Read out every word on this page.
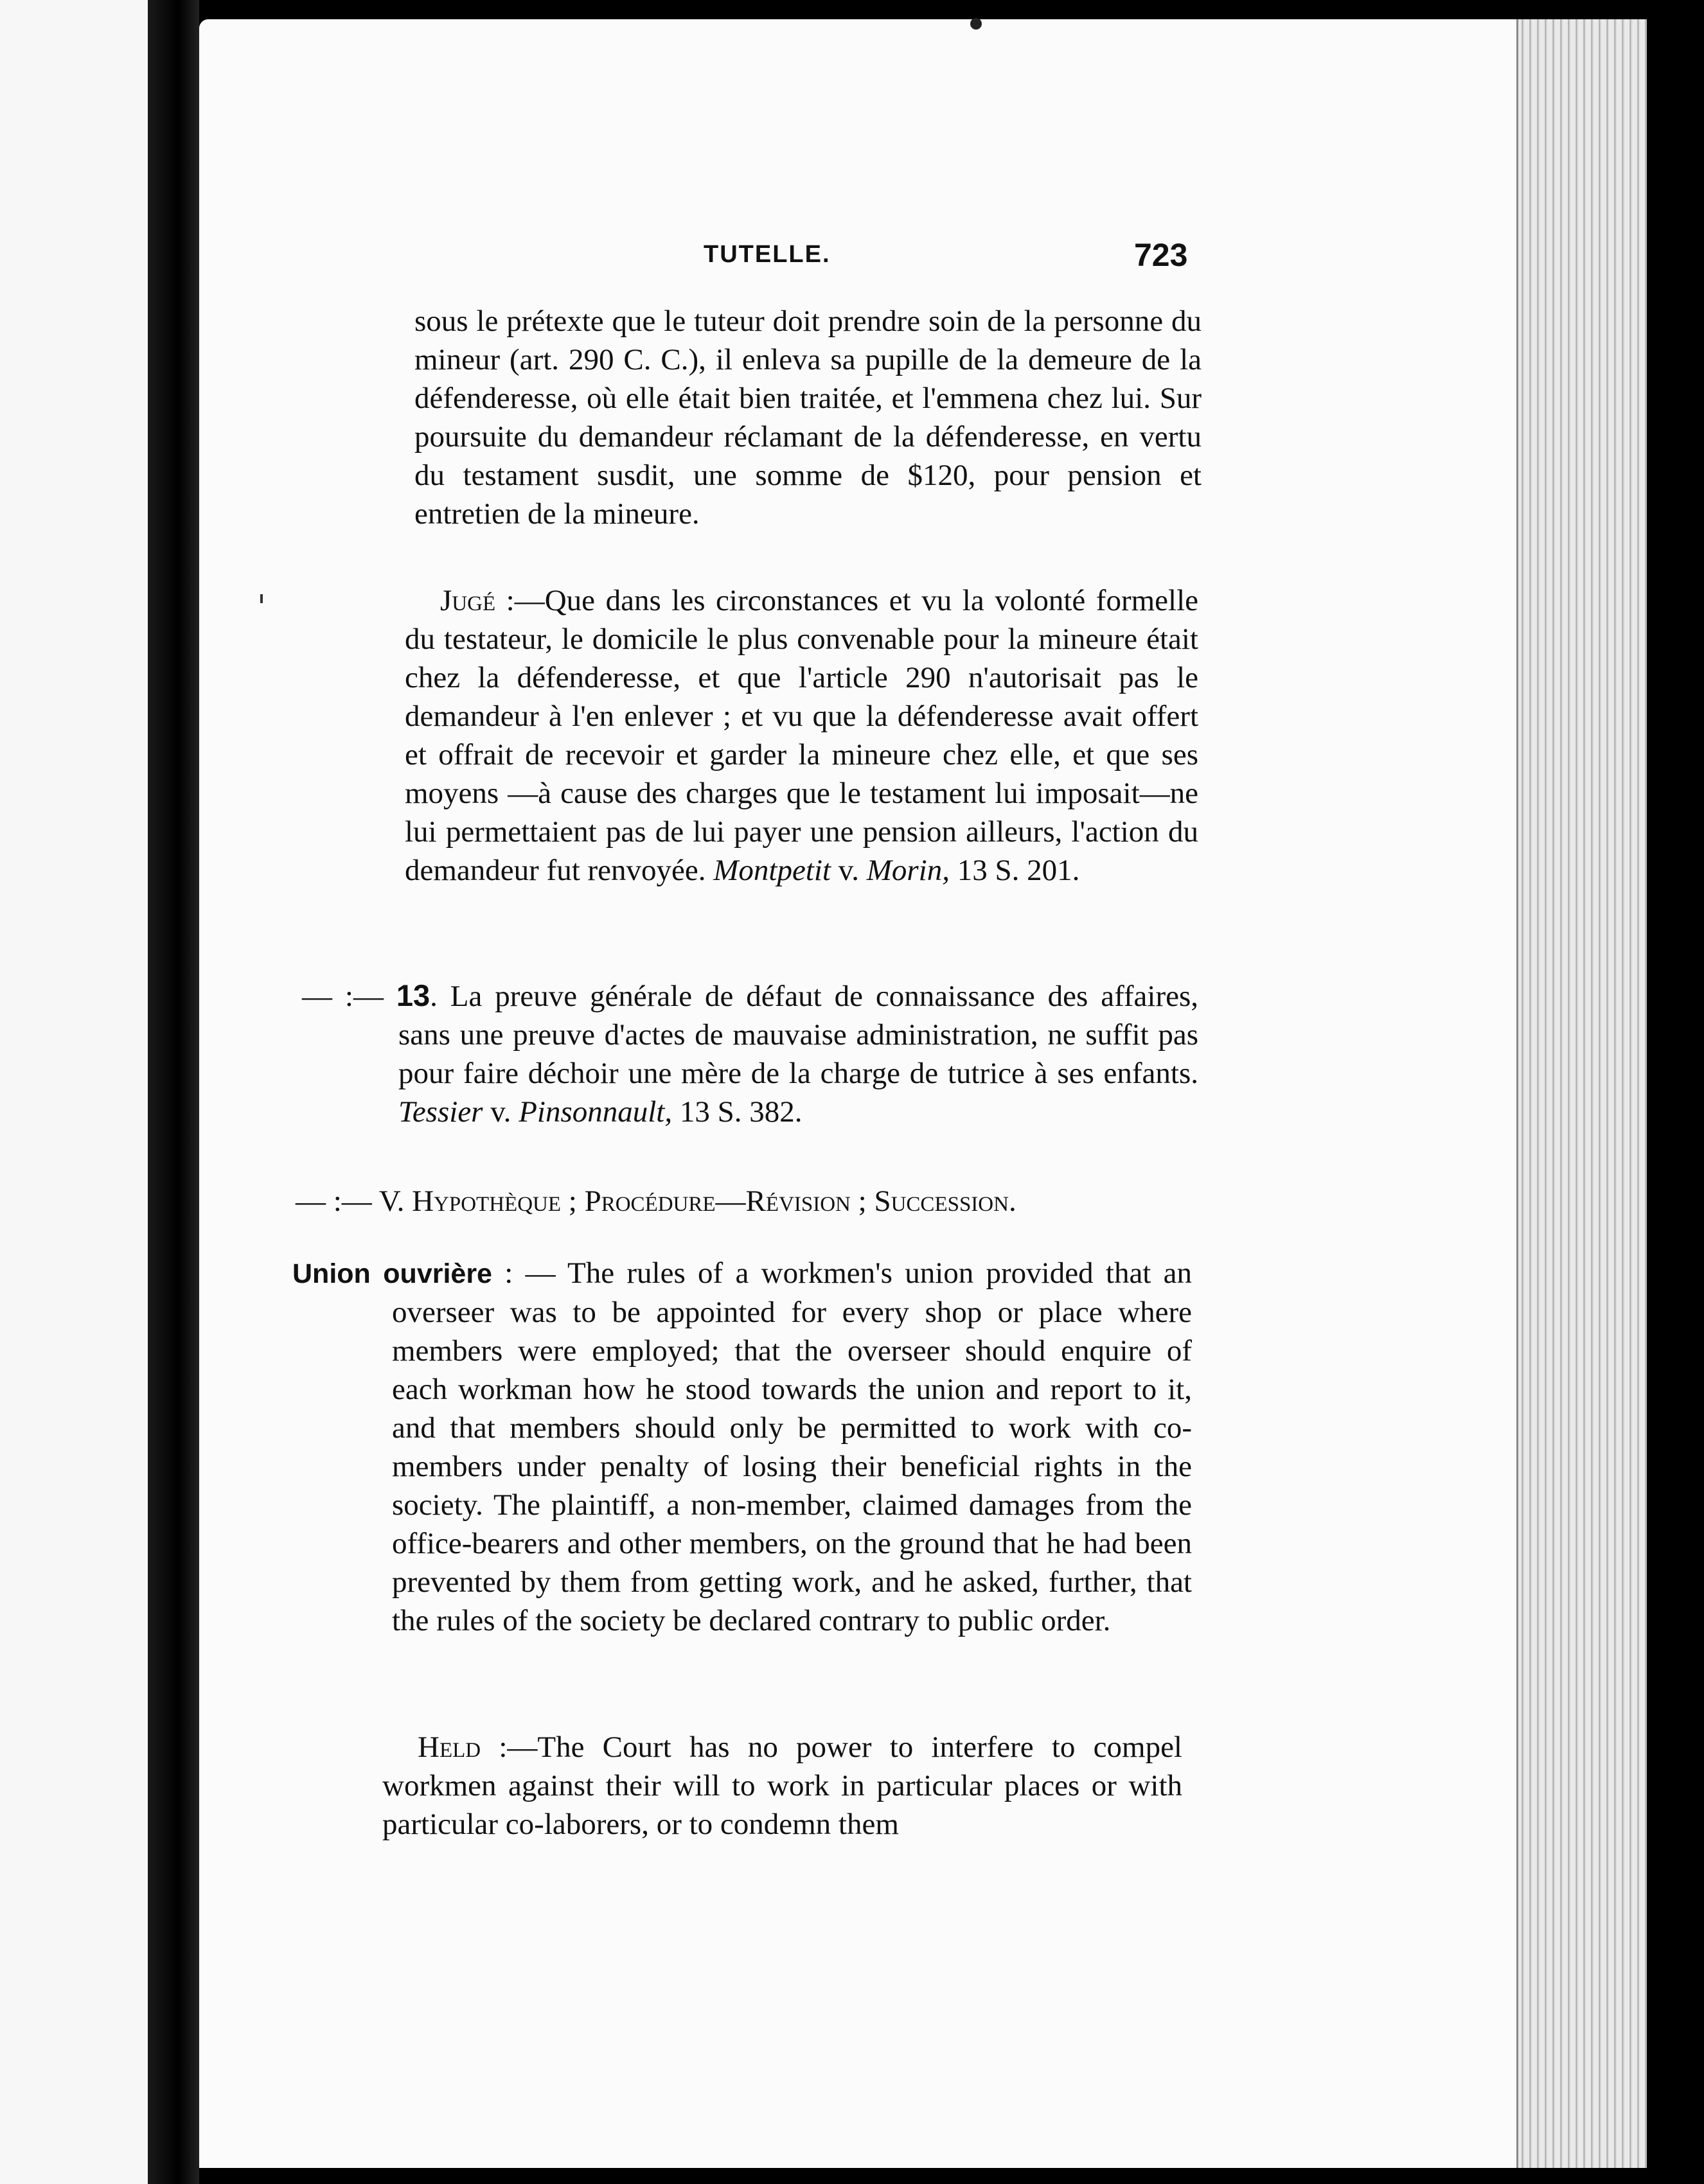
TUTELLE.	723

sous le prétexte que le tuteur doit prendre soin de la personne du mineur (art. 290 C. C.), il enleva sa pupille de la demeure de la défenderesse, où elle était bien traitée, et l'emmena chez lui. Sur poursuite du demandeur réclamant de la défenderesse, en vertu du testament susdit, une somme de $120, pour pension et entretien de la mineure.

Jugé :—Que dans les circonstances et vu la volonté formelle du testateur, le domicile le plus convenable pour la mineure était chez la défenderesse, et que l'article 290 n'autorisait pas le demandeur à l'en enlever ; et vu que la défenderesse avait offert et offrait de recevoir et garder la mineure chez elle, et que ses moyens —à cause des charges que le testament lui imposait—ne lui permettaient pas de lui payer une pension ailleurs, l'action du demandeur fut renvoyée. Montpetit v. Morin, 13 S. 201.

— :— 13. La preuve générale de défaut de connaissance des affaires, sans une preuve d'actes de mauvaise administration, ne suffit pas pour faire déchoir une mère de la charge de tutrice à ses enfants. Tessier v. Pinsonnault, 13 S. 382.

— :— V. Hypothèque ; Procédure—Révision ; Succession.

Union ouvrière : — The rules of a workmen's union provided that an overseer was to be appointed for every shop or place where members were employed; that the overseer should enquire of each workman how he stood towards the union and report to it, and that members should only be permitted to work with co-members under penalty of losing their beneficial rights in the society. The plaintiff, a non-member, claimed damages from the office-bearers and other members, on the ground that he had been prevented by them from getting work, and he asked, further, that the rules of the society be declared contrary to public order.

Held :—The Court has no power to interfere to compel workmen against their will to work in particular places or with particular co-laborers, or to condemn them
